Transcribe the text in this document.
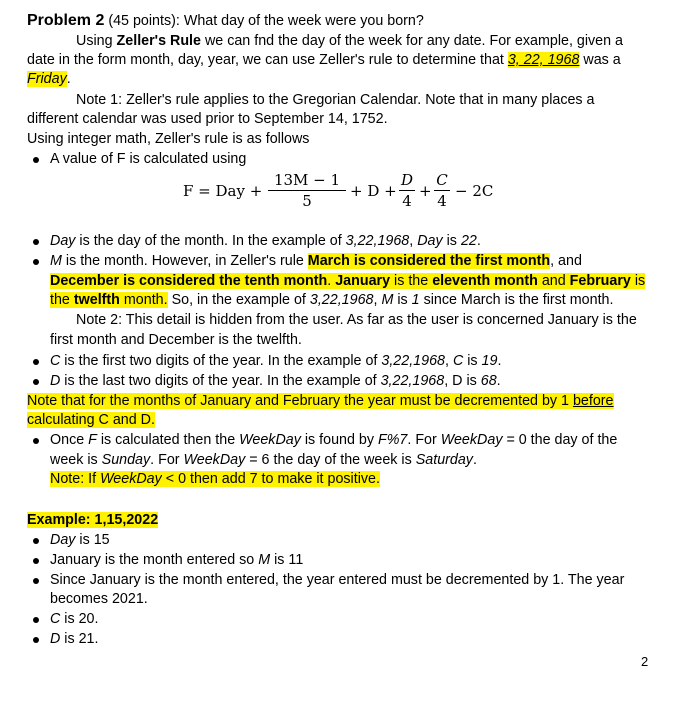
Problem 2 (45 points): What day of the week were you born?
Using Zeller's Rule we can fnd the day of the week for any date. For example, given a
date in the form month, day, year, we can use Zeller's rule to determine that 3, 22, 1968 was a
Friday.
Note 1: Zeller's rule applies to the Gregorian Calendar. Note that in many places a
different calendar was used prior to September 14, 1752.
Using integer math, Zeller's rule is as follows
A value of F is calculated using
F = Day +
13M − 1
5
+ D +
D
4
+
C
4
− 2C
Day is the day of the month. In the example of 3,22,1968, Day is 22.
M is the month. However, in Zeller's rule March is considered the first month, and
December is considered the tenth month. January is the eleventh month and February is
the twelfth month. So, in the example of 3,22,1968, M is 1 since March is the first month.
Note 2: This detail is hidden from the user. As far as the user is concerned January is the
first month and December is the twelfth.
C is the first two digits of the year. In the example of 3,22,1968, C is 19.
D is the last two digits of the year. In the example of 3,22,1968, D is 68.
Note that for the months of January and February the year must be decremented by 1 before
calculating C and D.
Once F is calculated then the WeekDay is found by F%7. For WeekDay = 0 the day of the
week is Sunday. For WeekDay = 6 the day of the week is Saturday.
Note: If WeekDay < 0 then add 7 to make it positive.
Example: 1,15,2022
Day is 15
January is the month entered so M is 11
Since January is the month entered, the year entered must be decremented by 1. The year
becomes 2021.
C is 20.
D is 21.
2
